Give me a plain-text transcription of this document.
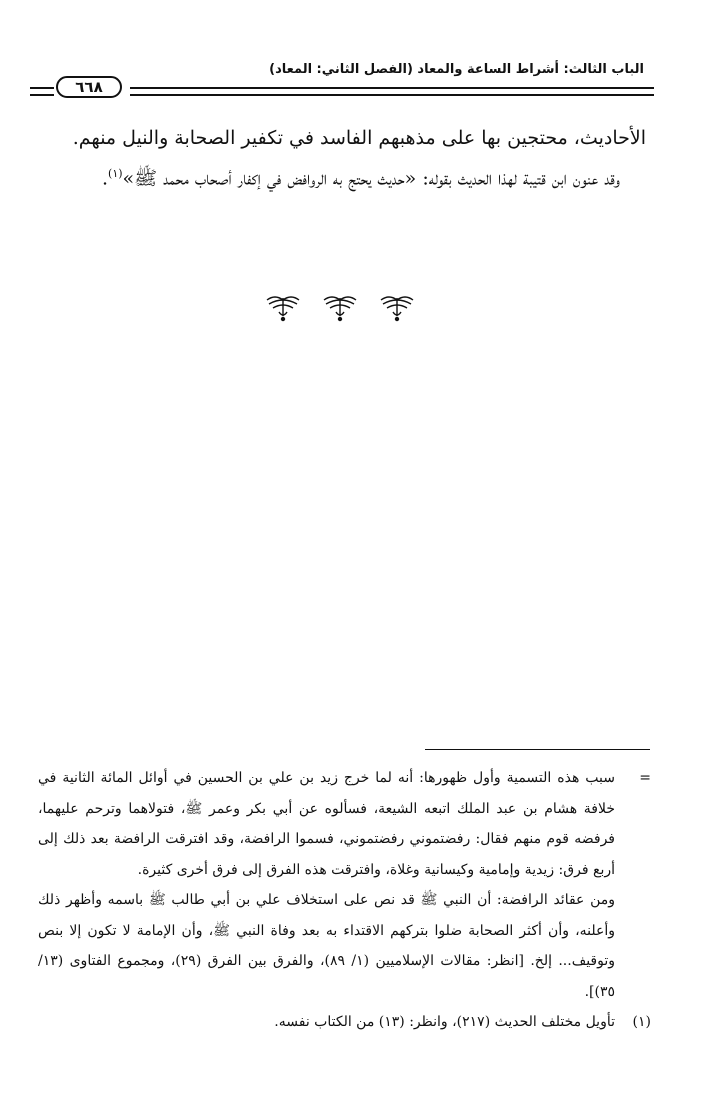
الباب الثالث: أشراط الساعة والمعاد (الفصل الثاني: المعاد)
٦٦٨

الأحاديث، محتجين بها على مذهبهم الفاسد في تكفير الصحابة والنيل منهم.

وقد عنون ابن قتيبة لهذا الحديث بقوله: «حديث يحتج به الروافض في إكفار أصحاب محمد ﷺ»$^{(١)}$.

=

سبب هذه التسمية وأول ظهورها: أنه لما خرج زيد بن علي بن الحسين في أوائل المائة الثانية في خلافة هشام بن عبد الملك اتبعه الشيعة، فسألوه عن أبي بكر وعمر ﷺ، فتولاهما وترحم عليهما، فرفضه قوم منهم فقال: رفضتموني رفضتموني، فسموا الرافضة، وقد افترقت الرافضة بعد ذلك إلى أربع فرق: زيدية وإمامية وكيسانية وغلاة، وافترقت هذه الفرق إلى فرق أخرى كثيرة.

ومن عقائد الرافضة: أن النبي ﷺ قد نص على استخلاف علي بن أبي طالب ﷺ باسمه وأظهر ذلك وأعلنه، وأن أكثر الصحابة ضلوا بتركهم الاقتداء به بعد وفاة النبي ﷺ، وأن الإمامة لا تكون إلا بنص وتوقيف... إلخ. [انظر: مقالات الإسلاميين (١/ ٨٩)، والفرق بين الفرق (٢٩)، ومجموع الفتاوى (١٣/ ٣٥)].

(١)
تأويل مختلف الحديث (٢١٧)، وانظر: (١٣) من الكتاب نفسه.
